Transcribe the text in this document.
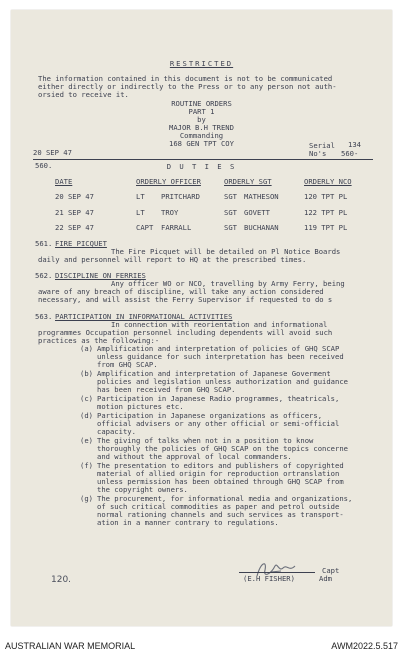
RESTRICTED
The information contained in this document is not to be communicated
either directly or indirectly to the Press or to any person not auth-
orsied to receive it.
ROUTINE ORDERS
PART 1
by
MAJOR B.H TREND
Commanding
168 GEN TPT COY
20 SEP 47
Serial 134
No's 560-
560.	D U T I E S
DATE	ORDERLY OFFICER	ORDERLY SGT	ORDERLY NCO
20 SEP 47	LT PRITCHARD	SGT MATHESON	120 TPT PL
21 SEP 47	LT TROY	SGT GOVETT	122 TPT PL
22 SEP 47	CAPT FARRALL	SGT BUCHANAN	119 TPT PL
561. FIRE PICQUET
The Fire Picquet will be detailed on Pl Notice Boards
daily and personnel will report to HQ at the prescribed times.
562. DISCIPLINE ON FERRIES
Any officer WO or NCO, travelling by Army Ferry, being
aware of any breach of discipline, will take any action considered
necessary, and will assist the Ferry Supervisor if requested to do s
563. PARTICIPATION IN INFORMATIONAL ACTIVITIES
In connection with reorientation and informational
programmes Occupation personnel including dependents will avoid such
practices as the following:-
(a) Amplification and interpretation of policies of GHQ SCAP
unless guidance for such interpretation has been received
from GHQ SCAP.
(b) Amplification and interpretation of Japanese Goverment
policies and legislation unless authorization and guidance
has been received from GHQ SCAP.
(c) Participation in Japanese Radio programmes, theatricals,
motion pictures etc.
(d) Participation in Japanese organizations as officers,
official advisers or any other official or semi-official
capacity.
(e) The giving of talks when not in a position to know
thoroughly the policies of GHQ SCAP on the topics concerne
and without the approval of local commanders.
(f) The presentation to editors and publishers of copyrighted
material of allied origin for reproduction ortranslation
unless permission has been obtained through GHQ SCAP from
the copyright owners.
(g) The procurement, for informational media and organizations,
of such critical commodities as paper and petrol outside
normal rationing channels and such services as transport-
ation in a manner contrary to regulations.
Capt
(E.H FISHER)	Adm
120.
AUSTRALIAN WAR MEMORIAL	AWM2022.5.517
